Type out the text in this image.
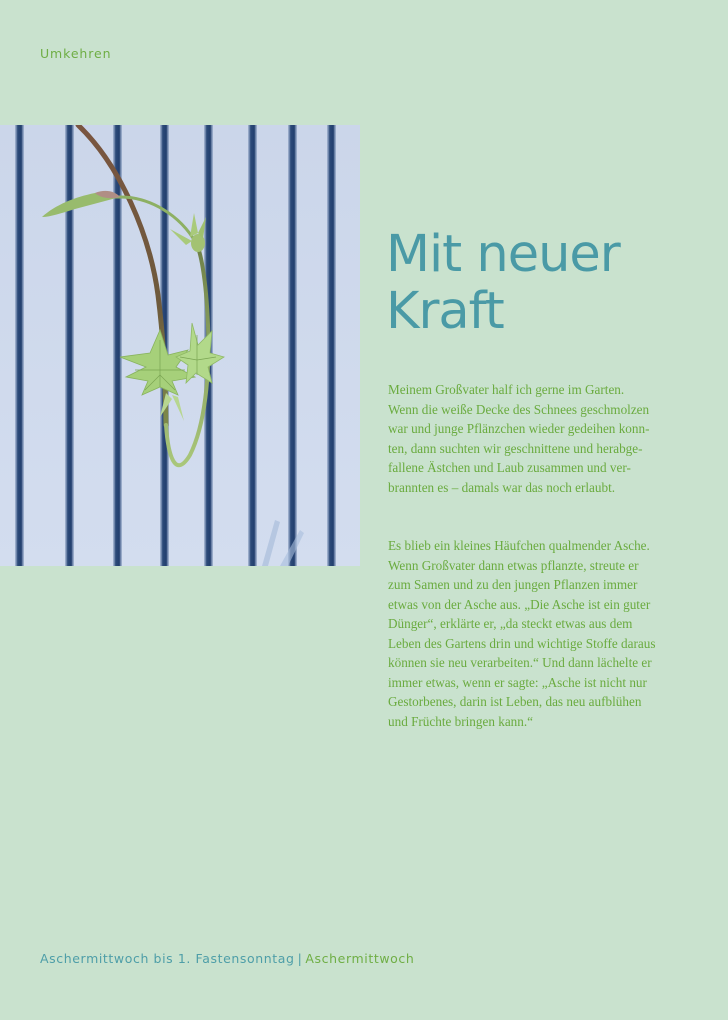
Umkehren
Mit neuer
Kraft

Meinem Großvater half ich gerne im Garten.
Wenn die weiße Decke des Schnees geschmolzen
war und junge Pflänzchen wieder gedeihen konn-
ten, dann suchten wir geschnittene und herabge-
fallene Ästchen und Laub zusammen und ver-
brannten es – damals war das noch erlaubt.

Es blieb ein kleines Häufchen qualmender Asche.
Wenn Großvater dann etwas pflanzte, streute er
zum Samen und zu den jungen Pflanzen immer
etwas von der Asche aus. „Die Asche ist ein guter
Dünger“, erklärte er, „da steckt etwas aus dem
Leben des Gartens drin und wichtige Stoffe daraus
können sie neu verarbeiten.“ Und dann lächelte er
immer etwas, wenn er sagte: „Asche ist nicht nur
Gestorbenes, darin ist Leben, das neu aufblühen
und Früchte bringen kann.“

Aschermittwoch bis 1. Fastensonntag | Aschermittwoch
